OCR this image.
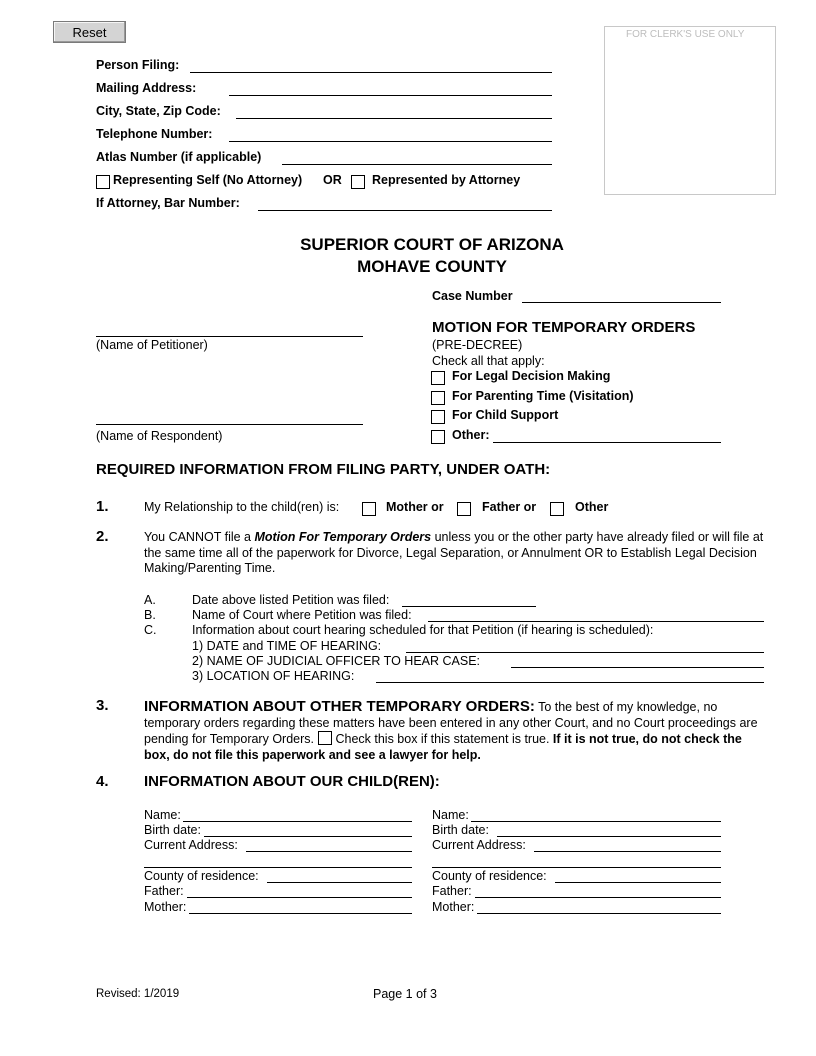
Reset	FOR CLERK'S USE ONLY
Person Filing:
Mailing Address:
City, State, Zip Code:
Telephone Number:
Atlas Number (if applicable)
Representing Self (No Attorney) OR Represented by Attorney
If Attorney, Bar Number:
SUPERIOR COURT OF ARIZONA
MOHAVE COUNTY
Case Number
(Name of Petitioner)
(Name of Respondent)
MOTION FOR TEMPORARY ORDERS
(PRE-DECREE)
Check all that apply:
For Legal Decision Making
For Parenting Time (Visitation)
For Child Support
Other:
REQUIRED INFORMATION FROM FILING PARTY, UNDER OATH:
1.	My Relationship to the child(ren) is:	Mother or	Father or	Other
2.	You CANNOT file a Motion For Temporary Orders unless you or the other party have already filed or will file at the same time all of the paperwork for Divorce, Legal Separation, or Annulment OR to Establish Legal Decision Making/Parenting Time.
A.	Date above listed Petition was filed:
B.	Name of Court where Petition was filed:
C.	Information about court hearing scheduled for that Petition (if hearing is scheduled):
1) DATE and TIME OF HEARING:
2) NAME OF JUDICIAL OFFICER TO HEAR CASE:
3) LOCATION OF HEARING:
3. INFORMATION ABOUT OTHER TEMPORARY ORDERS: To the best of my knowledge, no temporary orders regarding these matters have been entered in any other Court, and no Court proceedings are pending for Temporary Orders. Check this box if this statement is true. If it is not true, do not check the box, do not file this paperwork and see a lawyer for help.
4. INFORMATION ABOUT OUR CHILD(REN):
Name:
Birth date:
Current Address:
County of residence:
Father:
Mother:
Name:
Birth date:
Current Address:
County of residence:
Father:
Mother:
Revised: 1/2019	Page 1 of 3
